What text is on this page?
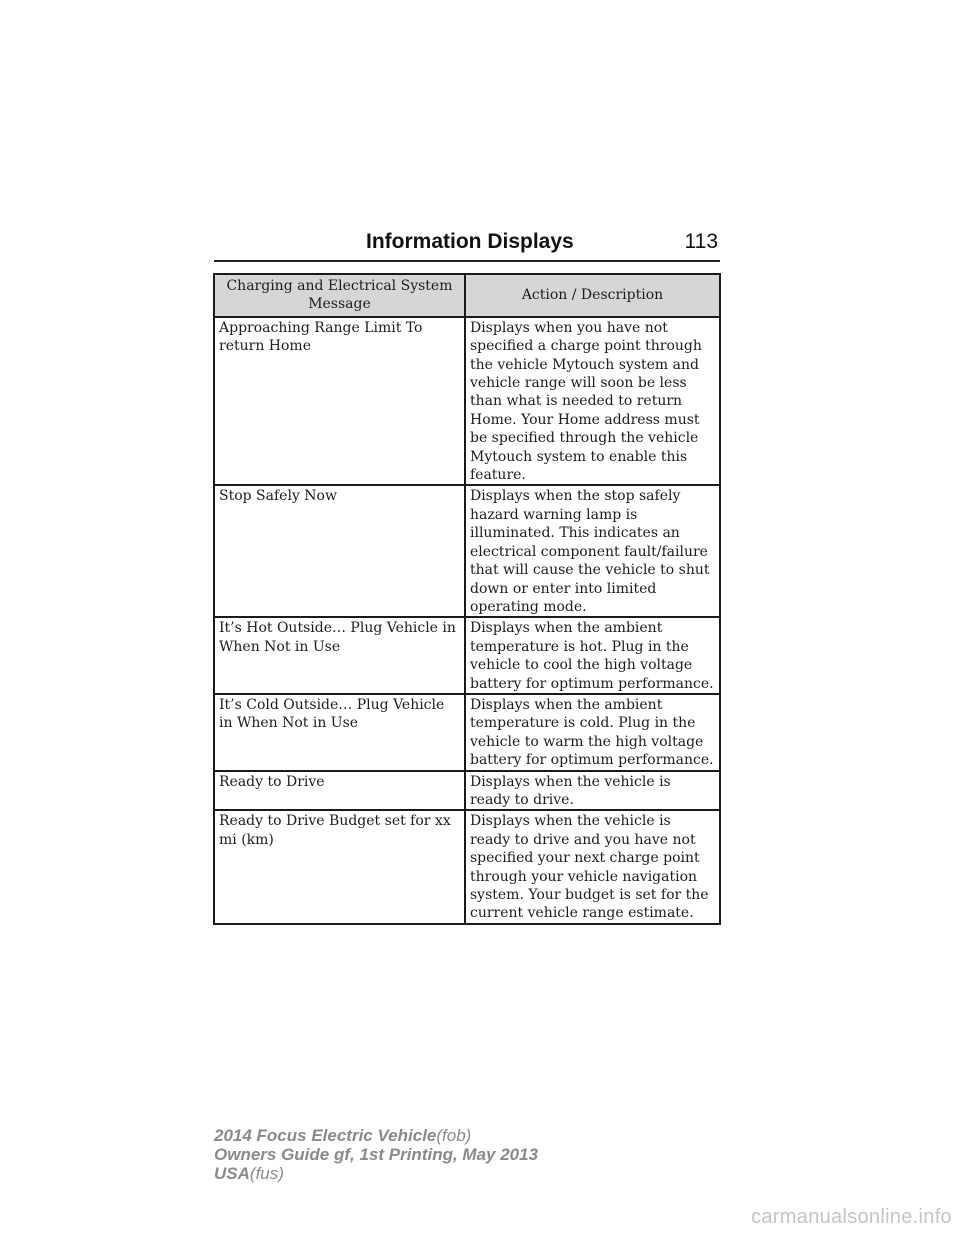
Information Displays	113
Charging and Electrical System Message	Action / Description
Approaching Range Limit To return Home	Displays when you have not specified a charge point through the vehicle Mytouch system and vehicle range will soon be less than what is needed to return Home. Your Home address must be specified through the vehicle Mytouch system to enable this feature.
Stop Safely Now	Displays when the stop safely hazard warning lamp is illuminated. This indicates an electrical component fault/failure that will cause the vehicle to shut down or enter into limited operating mode.
It’s Hot Outside… Plug Vehicle in When Not in Use	Displays when the ambient temperature is hot. Plug in the vehicle to cool the high voltage battery for optimum performance.
It’s Cold Outside… Plug Vehicle in When Not in Use	Displays when the ambient temperature is cold. Plug in the vehicle to warm the high voltage battery for optimum performance.
Ready to Drive	Displays when the vehicle is ready to drive.
Ready to Drive Budget set for xx mi (km)	Displays when the vehicle is ready to drive and you have not specified your next charge point through your vehicle navigation system. Your budget is set for the current vehicle range estimate.
2014 Focus Electric Vehicle(fob)
Owners Guide gf, 1st Printing, May 2013
USA(fus)
carmanualsonline.info
